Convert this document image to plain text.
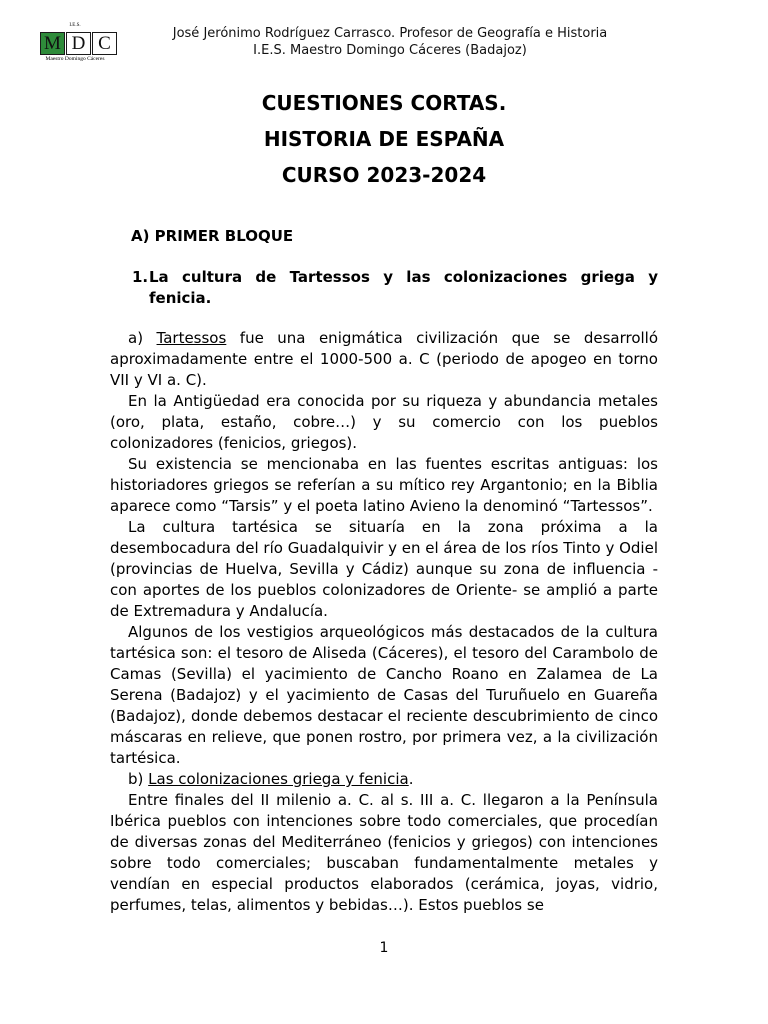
I.E.S.
M D C
Maestro Domingo Cáceres
José Jerónimo Rodríguez Carrasco. Profesor de Geografía e Historia
I.E.S. Maestro Domingo Cáceres (Badajoz)
CUESTIONES CORTAS.
HISTORIA DE ESPAÑA
CURSO 2023-2024

A) PRIMER BLOQUE

1. La cultura de Tartessos y las colonizaciones griega y fenicia.

a) Tartessos fue una enigmática civilización que se desarrolló aproximadamente entre el 1000-500 a. C (periodo de apogeo en torno VII y VI a. C).

En la Antigüedad era conocida por su riqueza y abundancia metales (oro, plata, estaño, cobre…) y su comercio con los pueblos colonizadores (fenicios, griegos).

Su existencia se mencionaba en las fuentes escritas antiguas: los historiadores griegos se referían a su mítico rey Argantonio; en la Biblia aparece como “Tarsis” y el poeta latino Avieno la denominó “Tartessos”.

La cultura tartésica se situaría en la zona próxima a la desembocadura del río Guadalquivir y en el área de los ríos Tinto y Odiel (provincias de Huelva, Sevilla y Cádiz) aunque su zona de influencia -con aportes de los pueblos colonizadores de Oriente- se amplió a parte de Extremadura y Andalucía.

Algunos de los vestigios arqueológicos más destacados de la cultura tartésica son: el tesoro de Aliseda (Cáceres), el tesoro del Carambolo de Camas (Sevilla) el yacimiento de Cancho Roano en Zalamea de La Serena (Badajoz) y el yacimiento de Casas del Turuñuelo en Guareña (Badajoz), donde debemos destacar el reciente descubrimiento de cinco máscaras en relieve, que ponen rostro, por primera vez, a la civilización tartésica.

b) Las colonizaciones griega y fenicia.

Entre finales del II milenio a. C. al s. III a. C. llegaron a la Península Ibérica pueblos con intenciones sobre todo comerciales, que procedían de diversas zonas del Mediterráneo (fenicios y griegos) con intenciones sobre todo comerciales; buscaban fundamentalmente metales y vendían en especial productos elaborados (cerámica, joyas, vidrio, perfumes, telas, alimentos y bebidas…). Estos pueblos se

1
